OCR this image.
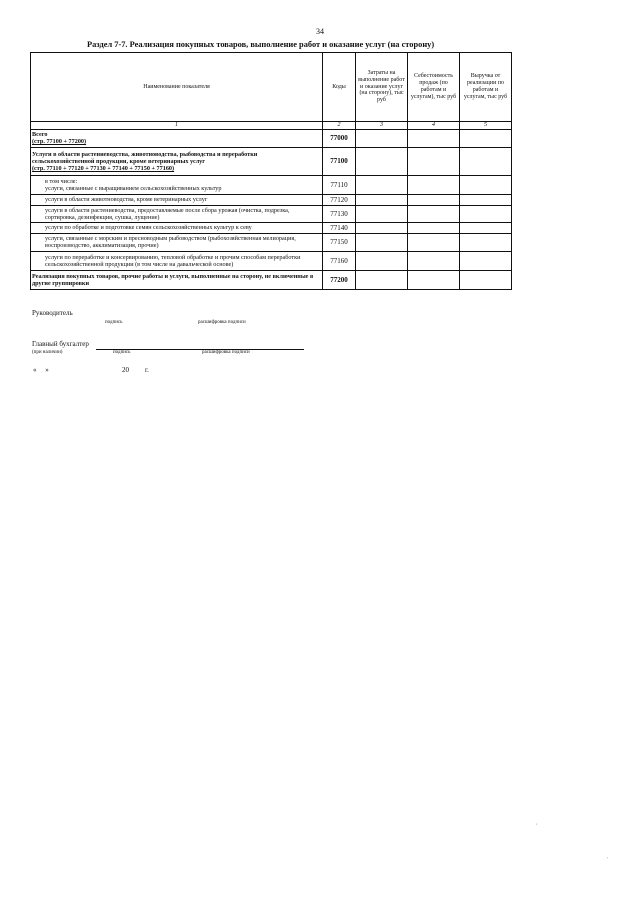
34
Раздел 7-7. Реализация покупных товаров, выполнение работ и оказание услуг (на сторону)
Наименование показателя	Коды	Затраты на выполнение работ и оказание услуг (на сторону), тыс руб	Себестоимость продаж (по работам и услугам), тыс руб	Выручка от реализации по работам и услугам, тыс руб
1	2	3	4	5

Всего
(стр. 77100 + 77200)	77000			

Услуги в области растениеводства, животноводства, рыбоводства и переработки сельскохозяйственной продукции, кроме ветеринарных услуг
(стр. 77110 + 77120 + 77130 + 77140 + 77150 + 77160)	77100			

в том числе:
услуги, связанные с выращиванием сельскохозяйственных культур	77110			
услуги в области животноводства, кроме ветеринарных услуг	77120			
услуги в области растениеводства, предоставляемые после сбора урожая (очистка, подрезка, сортировка, дезинфекция, сушка, лущение)	77130			
услуги по обработке и подготовке семян сельскохозяйственных культур к севу	77140			
услуги, связанные с морским и пресноводным рыбоводством (рыбохозяйственная мелиорация, воспроизводство, акклиматизация, прочие)	77150			
услуги по переработке и консервированию, тепловой обработке и прочим способам переработки сельскохозяйственной продукции (в том числе на давальческой основе)	77160			
Реализация покупных товаров, прочие работы и услуги, выполненные на сторону, не включенные в другие группировки	77200			
Руководитель
подпись	расшифровка подписи
Главный бухгалтер
(при наличии)	подпись	расшифровка подписи
«     »	20 г.
,
'
